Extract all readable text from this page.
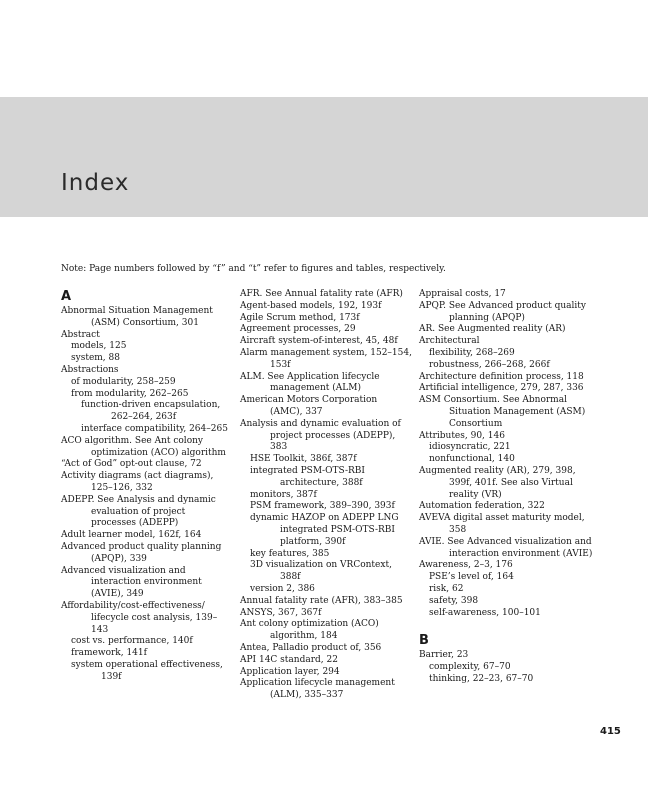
Index
Note: Page numbers followed by “f” and “t” refer to figures and tables, respectively.
A
Abnormal Situation Management (ASM) Consortium, 301
Abstract
models, 125
system, 88
Abstractions
of modularity, 258–259
from modularity, 262–265
function-driven encapsulation, 262–264, 263f
interface compatibility, 264–265
ACO algorithm. See Ant colony optimization (ACO) algorithm
“Act of God” opt-out clause, 72
Activity diagrams (act diagrams), 125–126, 332
ADEPP. See Analysis and dynamic evaluation of project processes (ADEPP)
Adult learner model, 162f, 164
Advanced product quality planning (APQP), 339
Advanced visualization and interaction environment (AVIE), 349
Affordability/cost-effectiveness/ lifecycle cost analysis, 139–143
cost vs. performance, 140f
framework, 141f
system operational effectiveness, 139f
AFR. See Annual fatality rate (AFR)
Agent-based models, 192, 193f
Agile Scrum method, 173f
Agreement processes, 29
Aircraft system-of-interest, 45, 48f
Alarm management system, 152–154, 153f
ALM. See Application lifecycle management (ALM)
American Motors Corporation (AMC), 337
Analysis and dynamic evaluation of project processes (ADEPP), 383
HSE Toolkit, 386f, 387f
integrated PSM-OTS-RBI architecture, 388f
monitors, 387f
PSM framework, 389–390, 393f
dynamic HAZOP on ADEPP LNG integrated PSM-OTS-RBI platform, 390f
key features, 385
3D visualization on VRContext, 388f
version 2, 386
Annual fatality rate (AFR), 383–385
ANSYS, 367, 367f
Ant colony optimization (ACO) algorithm, 184
Antea, Palladio product of, 356
API 14C standard, 22
Application layer, 294
Application lifecycle management (ALM), 335–337
Appraisal costs, 17
APQP. See Advanced product quality planning (APQP)
AR. See Augmented reality (AR)
Architectural
flexibility, 268–269
robustness, 266–268, 266f
Architecture definition process, 118
Artificial intelligence, 279, 287, 336
ASM Consortium. See Abnormal Situation Management (ASM) Consortium
Attributes, 90, 146
idiosyncratic, 221
nonfunctional, 140
Augmented reality (AR), 279, 398, 399f, 401f. See also Virtual reality (VR)
Automation federation, 322
AVEVA digital asset maturity model, 358
AVIE. See Advanced visualization and interaction environment (AVIE)
Awareness, 2–3, 176
PSE’s level of, 164
risk, 62
safety, 398
self-awareness, 100–101
B
Barrier, 23
complexity, 67–70
thinking, 22–23, 67–70
415
